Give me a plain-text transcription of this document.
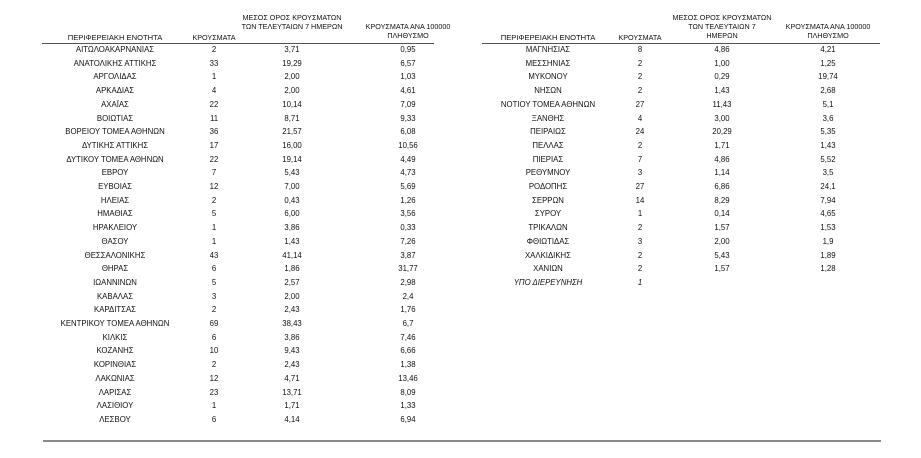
ΠΕΡΙΦΕΡΕΙΑΚΗ ΕΝΟΤΗΤΑ	ΚΡΟΥΣΜΑΤΑ
ΜΕΣΟΣ ΟΡΟΣ ΚΡΟΥΣΜΑΤΩΝ ΤΩΝ ΤΕΛΕΥΤΑΙΩΝ 7 ΗΜΕΡΩΝ	ΚΡΟΥΣΜΑΤΑ ΑΝΑ 100000 ΠΛΗΘΥΣΜΟ
ΑΙΤΩΛΟΑΚΑΡΝΑΝΙΑΣ	2	3,71	0,95
ΑΝΑΤΟΛΙΚΗΣ ΑΤΤΙΚΗΣ	33	19,29	6,57
ΑΡΓΟΛΙΔΑΣ	1	2,00	1,03
ΑΡΚΑΔΙΑΣ	4	2,00	4,61
ΑΧΑΪΑΣ	22	10,14	7,09
ΒΟΙΩΤΙΑΣ	11	8,71	9,33
ΒΟΡΕΙΟΥ ΤΟΜΕΑ ΑΘΗΝΩΝ	36	21,57	6,08
ΔΥΤΙΚΗΣ ΑΤΤΙΚΗΣ	17	16,00	10,56
ΔΥΤΙΚΟΥ ΤΟΜΕΑ ΑΘΗΝΩΝ	22	19,14	4,49
ΕΒΡΟΥ	7	5,43	4,73
ΕΥΒΟΙΑΣ	12	7,00	5,69
ΗΛΕΙΑΣ	2	0,43	1,26
ΗΜΑΘΙΑΣ	5	6,00	3,56
ΗΡΑΚΛΕΙΟΥ	1	3,86	0,33
ΘΑΣΟΥ	1	1,43	7,26
ΘΕΣΣΑΛΟΝΙΚΗΣ	43	41,14	3,87
ΘΗΡΑΣ	6	1,86	31,77
ΙΩΑΝΝΙΝΩΝ	5	2,57	2,98
ΚΑΒΑΛΑΣ	3	2,00	2,4
ΚΑΡΔΙΤΣΑΣ	2	2,43	1,76
ΚΕΝΤΡΙΚΟΥ ΤΟΜΕΑ ΑΘΗΝΩΝ	69	38,43	6,7
ΚΙΛΚΙΣ	6	3,86	7,46
ΚΟΖΑΝΗΣ	10	9,43	6,66
ΚΟΡΙΝΘΙΑΣ	2	2,43	1,38
ΛΑΚΩΝΙΑΣ	12	4,71	13,46
ΛΑΡΙΣΑΣ	23	13,71	8,09
ΛΑΣΙΘΙΟΥ	1	1,71	1,33
ΛΕΣΒΟΥ	6	4,14	6,94
ΠΕΡΙΦΕΡΕΙΑΚΗ ΕΝΟΤΗΤΑ	ΚΡΟΥΣΜΑΤΑ
ΜΕΣΟΣ ΟΡΟΣ ΚΡΟΥΣΜΑΤΩΝ ΤΩΝ ΤΕΛΕΥΤΑΙΩΝ 7 ΗΜΕΡΩΝ
ΚΡΟΥΣΜΑΤΑ ΑΝΑ 100000 ΠΛΗΘΥΣΜΟ
ΜΑΓΝΗΣΙΑΣ	8	4,86	4,21
ΜΕΣΣΗΝΙΑΣ	2	1,00	1,25
ΜΥΚΟΝΟΥ	2	0,29	19,74
ΝΗΣΩΝ	2	1,43	2,68
ΝΟΤΙΟΥ ΤΟΜΕΑ ΑΘΗΝΩΝ	27	11,43	5,1
ΞΑΝΘΗΣ	4	3,00	3,6
ΠΕΙΡΑΙΩΣ	24	20,29	5,35
ΠΕΛΛΑΣ	2	1,71	1,43
ΠΙΕΡΙΑΣ	7	4,86	5,52
ΡΕΘΥΜΝΟΥ	3	1,14	3,5
ΡΟΔΟΠΗΣ	27	6,86	24,1
ΣΕΡΡΩΝ	14	8,29	7,94
ΣΥΡΟΥ	1	0,14	4,65
ΤΡΙΚΑΛΩΝ	2	1,57	1,53
ΦΘΙΩΤΙΔΑΣ	3	2,00	1,9
ΧΑΛΚΙΔΙΚΗΣ	2	5,43	1,89
ΧΑΝΙΩΝ	2	1,57	1,28
ΥΠΟ ΔΙΕΡΕΥΝΗΣΗ	1
